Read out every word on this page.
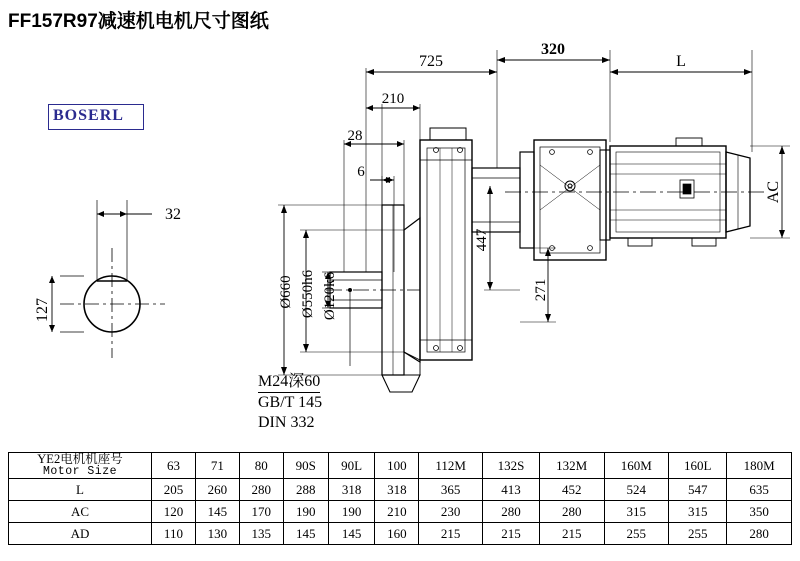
FF157R97减速机电机尺寸图纸
BOSERL
725
320
L
210
28
6
32
127
Ø660 Ø550h6 Ø120k6
447
271
AC
M24深60
GB/T 145
DIN 332
YE2电机机座号
Motor Size	63	71	80	90S	90L	100	112M	132S	132M	160M	160L	180M
L	205	260	280	288	318	318	365	413	452	524	547	635
AC	120	145	170	190	190	210	230	280	280	315	315	350
AD	110	130	135	145	145	160	215	215	215	255	255	280
